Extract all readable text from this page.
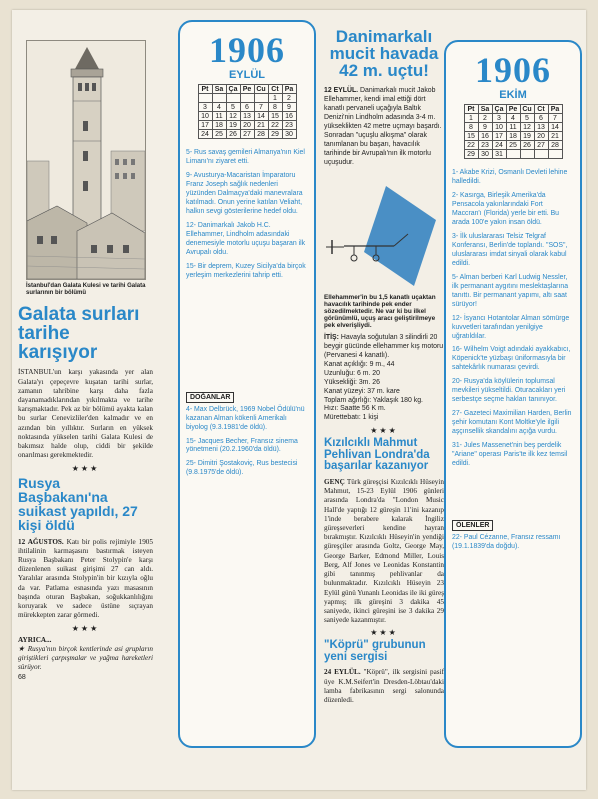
İstanbul'dan Galata Kulesi ve tarihi Galata surlarının bir bölümü

Galata surları tarihe karışıyor

İSTANBUL'un karşı yakasında yer alan Galata'yı çepeçevre kuşatan tarihi surlar, zamanın tahribine karşı daha fazla dayanamadıklarından yıkılmakta ve tarihe karışmaktadır. Pek az bir bölümü ayakta kalan bu surlar Cenevizliler'den kalmadır ve en azından bin yıllıktır. Surların en yüksek noktasında yükselen tarihi Galata Kulesi de bakımsız halde olup, ciddi bir şekilde onarılması gerekmektedir.

★★★
Rusya Başbakanı'na suikast yapıldı, 27 kişi öldü

12 AĞUSTOS. Katı bir polis rejimiyle 1905 ihtilalinin karmaşasını bastırmak isteyen Rusya Başbakanı Peter Stolypin'e karşı düzenlenen suikast girişimi 27 can aldı. Yaralılar arasında Stolypin'in bir kızıyla oğlu da var. Patlama esnasında yazı masasının başında oturan Başbakan, soğukkanlılığını koruyarak ve sadece üstüne sıçrayan mürekkepten zarar görmedi.

★★★

AYRICA...

★ Rusya'nın birçok kentlerinde asi grupların giriştikleri çarpışmalar ve yağma hareketleri sürüyor.

68
1906
EYLÜL
Pt	Sa	Ça	Pe	Cu	Ct	Pa
					1	2
3	4	5	6	7	8	9
10	11	12	13	14	15	16
17	18	19	20	21	22	23
24	25	26	27	28	29	30

5- Rus savaş gemileri Almanya'nın Kiel Limanı'nı ziyaret etti.

9- Avusturya-Macaristan İmparatoru Franz Joseph sağlık nedenleri yüzünden Dalmaçya'daki manevralara katılmadı. Onun yerine katılan Veliaht, halkın sevgi gösterilerine hedef oldu.

12- Danimarkalı Jakob H.C. Ellehammer, Lindholm adasındaki denemesiyle motorlu uçuşu başaran ilk Avrupalı oldu.

15- Bir deprem, Kuzey Sicilya'da birçok yerleşim merkezlerini tahrip etti.

DOĞANLAR

4- Max Delbrück, 1969 Nobel Ödülü'nü kazanan Alman kökenli Amerikalı biyolog (9.3.1981'de öldü).

15- Jacques Becher, Fransız sinema yönetmeni (20.2.1960'da öldü).

25- Dimitri Şostakoviç, Rus bestecisi (9.8.1975'de öldü).

Danimarkalı mucit havada 42 m. uçtu!

12 EYLÜL. Danimarkalı mucit Jakob Ellehammer, kendi imal ettiği dört kanatlı pervaneli uçağıyla Baltık Denizi'nin Lindholm adasında 3-4 m. yükseklikten 42 metre uçmayı başardı. Sonradan "uçuşlu alkışma" olarak tanımlanan bu başarı, havacılık tarihinde bir Avrupalı'nın ilk motorlu uçuşudur.

Ellehammer'in bu 1,5 kanatlı uçaktan havacılık tarihinde pek ender sözedilmektedir. Ne var ki bu ilkel görünümlü, uçuş aracı geliştirilmeye pek elverişliydi.

İTİŞ: Havayla soğutulan 3 silindirli 20 beygir gücünde ellehammer kış motoru (Pervanesi 4 kanatlı).

Kanat açıklığı: 9 m., 44
Uzunluğu: 6 m. 20
Yüksekliği: 3m. 26
Kanat yüzeyi: 37 m. kare
Toplam ağırlığı: Yaklaşık 180 kg.
Hızı: Saatte 56 K m.
Mürettebatı: 1 kişi
★★★
Kızılcıklı Mahmut Pehlivan Londra'da başarılar kazanıyor

GENÇ Türk güreşçisi Kızılcıklı Hüseyin Mahmut, 15-23 Eylül 1906 günleri arasında Londra'da "London Music Hall'de yaptığı 12 güreşin 11'ini kazanıp 1'inde berabere kalarak İngiliz güreşseverleri kendine hayran bırakmıştır. Kızılcıklı Hüseyin'in yendiği güreşçiler arasında Goltz, George May, George Barker, Edmond Miller, Louis Berg, Alf Jones ve Leonidas Konstantin gibi tanınmış pehlivanlar da bulunmaktadır. Kızılcıklı Hüseyin 23 Eylül günü Yunanlı Leonidas ile iki güreş yapmış; ilk güreşini 3 dakika 45 saniyede, ikinci güreşini ise 3 dakika 29 saniyede kazanmıştır.

★★★
"Köprü" grubunun yeni sergisi

24 EYLÜL. "Köprü", ilk sergisini pasif üye K.M.Seifert'in Dresden-Löbtau'daki lamba fabrikasının sergi salonunda düzenledi.

1906
EKİM
Pt	Sa	Ça	Pe	Cu	Ct	Pa
1	2	3	4	5	6	7
8	9	10	11	12	13	14
15	16	17	18	19	20	21
22	23	24	25	26	27	28
29	30	31				

1- Akabe Krizi, Osmanlı Devleti lehine halledildi.

2- Kasırga, Birleşik Amerika'da Pensacola yakınlarındaki Fort Maccran'ı (Florida) yerle bir etti. Bu arada 100'e yakın insan öldü.

3- İlk uluslararası Telsiz Telgraf Konferansı, Berlin'de toplandı. "SOS", uluslararası imdat sinyali olarak kabul edildi.

5- Alman berberi Karl Ludwig Nessler, ilk permanant aygıtını meslektaşlarına tanıttı. Bir permanant yapımı, altı saat sürüyor!

12- İsyancı Hotantolar Alman sömürge kuvvetleri tarafından yenilgiye uğratıldılar.

16- Wilhelm Voigt adındaki ayakkabıcı, Köpenick'te yüzbaşı üniformasıyla bir sahtekârlık numarası çevirdi.

20- Rusya'da köylülerin toplumsal mevkileri yükseltildi. Oturacakları yeri serbestçe seçme hakları tanınıyor.

27- Gazeteci Maximilian Harden, Berlin şehir komutanı Kont Moltke'yle ilgili aşçınsellik skandalını açığa vurdu.

31- Jules Massenet'nin beş perdelik "Ariane" operası Paris'te ilk kez temsil edildi.

ÖLENLER

22- Paul Cézanne, Fransız ressamı (19.1.1839'da doğdu).
